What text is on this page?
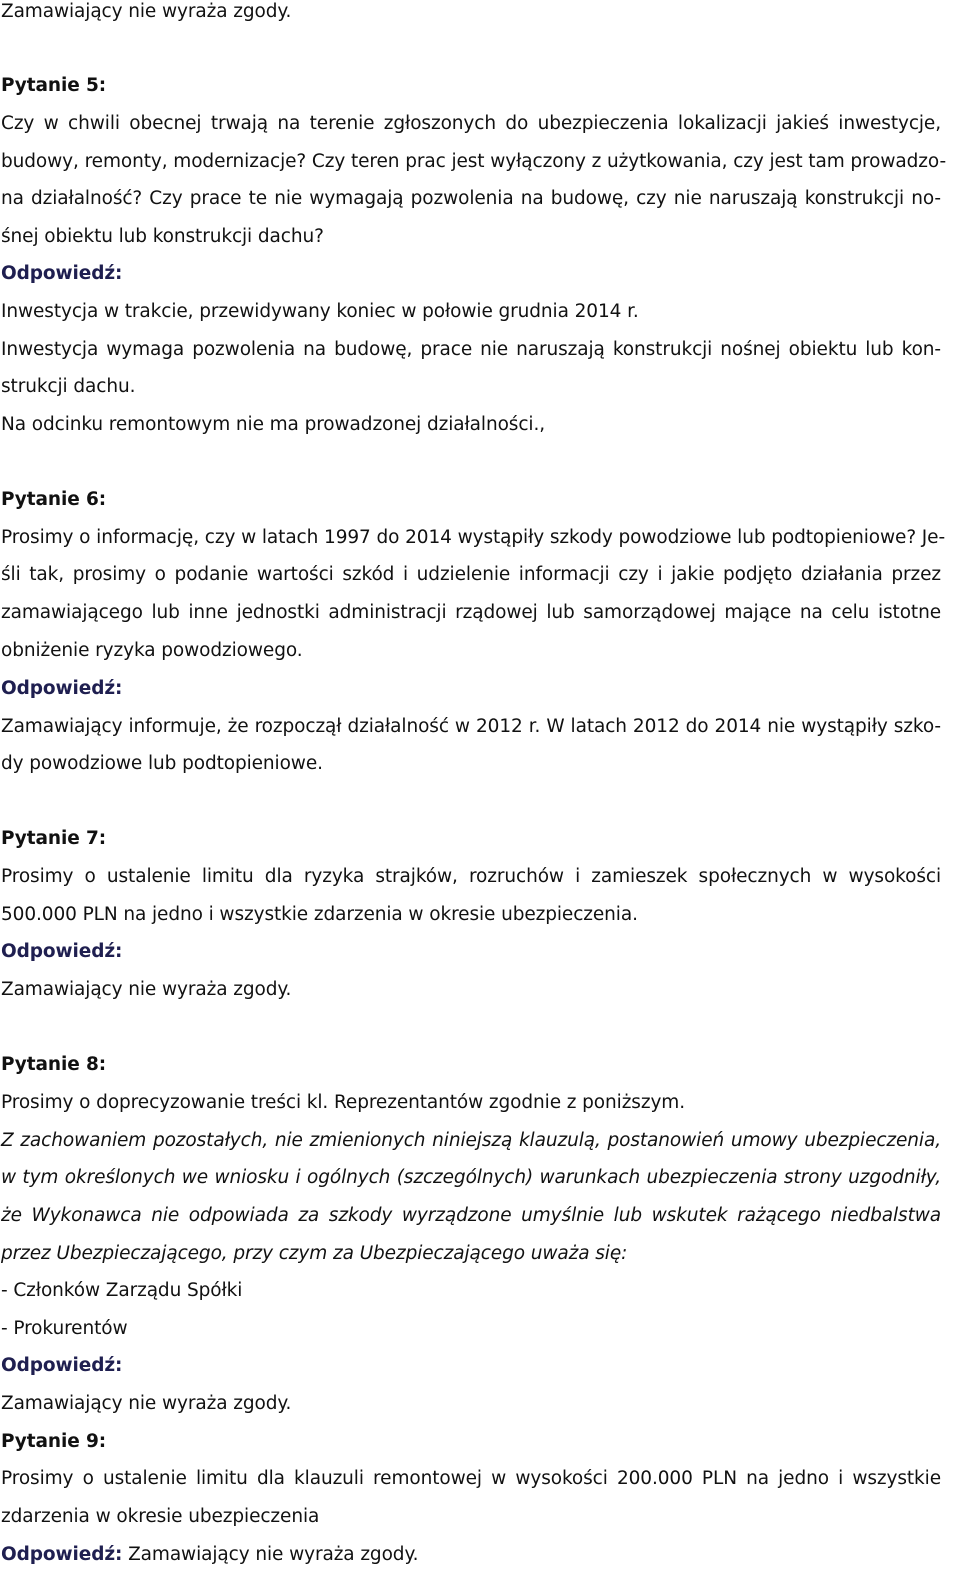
Zamawiający nie wyraża zgody.
Pytanie 5:
Czy w chwili obecnej trwają na terenie zgłoszonych do ubezpieczenia lokalizacji jakieś inwestycje,
budowy, remonty, modernizacje? Czy teren prac jest wyłączony z użytkowania, czy jest tam prowadzo-
na działalność? Czy prace te nie wymagają pozwolenia na budowę, czy nie naruszają konstrukcji no-
śnej obiektu lub konstrukcji dachu?
Odpowiedź:
Inwestycja w trakcie, przewidywany koniec w połowie grudnia 2014 r.
Inwestycja wymaga pozwolenia na budowę, prace nie naruszają konstrukcji nośnej obiektu lub kon-
strukcji dachu.
Na odcinku remontowym nie ma prowadzonej działalności.,
Pytanie 6:
Prosimy o informację, czy w latach 1997 do 2014 wystąpiły szkody powodziowe lub podtopieniowe? Je-
śli tak, prosimy o podanie wartości szkód i udzielenie informacji czy i jakie podjęto działania przez
zamawiającego lub inne jednostki administracji rządowej lub samorządowej mające na celu istotne
obniżenie ryzyka powodziowego.
Odpowiedź:
Zamawiający informuje, że rozpoczął działalność w 2012 r. W latach 2012 do 2014 nie wystąpiły szko-
dy powodziowe lub podtopieniowe.
Pytanie 7:
Prosimy o ustalenie limitu dla ryzyka strajków, rozruchów i zamieszek społecznych w wysokości
500.000 PLN na jedno i wszystkie zdarzenia w okresie ubezpieczenia.
Odpowiedź:
Zamawiający nie wyraża zgody.
Pytanie 8:
Prosimy o doprecyzowanie treści kl. Reprezentantów zgodnie z poniższym.
Z zachowaniem pozostałych, nie zmienionych niniejszą klauzulą, postanowień umowy ubezpieczenia,
w tym określonych we wniosku i ogólnych (szczególnych) warunkach ubezpieczenia strony uzgodniły,
że Wykonawca nie odpowiada za szkody wyrządzone umyślnie lub wskutek rażącego niedbalstwa
przez Ubezpieczającego, przy czym za Ubezpieczającego uważa się:
- Członków Zarządu Spółki
- Prokurentów
Odpowiedź:
Zamawiający nie wyraża zgody.
Pytanie 9:
Prosimy o ustalenie limitu dla klauzuli remontowej w wysokości 200.000 PLN na jedno i wszystkie
zdarzenia w okresie ubezpieczenia
Odpowiedź: Zamawiający nie wyraża zgody.
